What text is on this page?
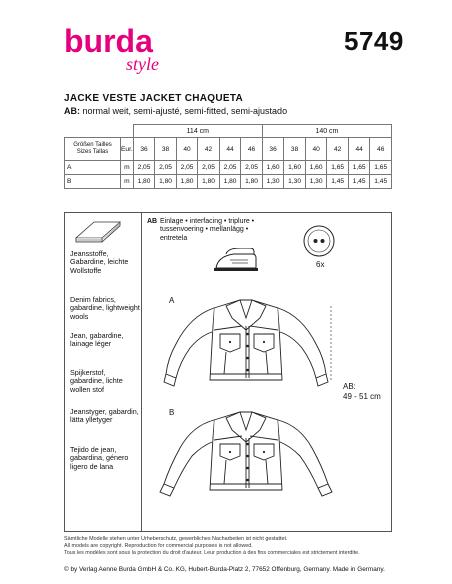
burda
style
5749
JACKE VESTE JACKET CHAQUETA
AB: normal weit, semi-ajusté, semi-fitted, semi-ajustado
		114 cm						140 cm					

Größen Tailles
Sizes Tallas	Eur.	36	38	40	42	44	46	36	38	40	42	44	46
A	m	2,05	2,05	2,05	2,05	2,05	2,05	1,60	1,60	1,60	1,65	1,65	1,65
B	m	1,80	1,80	1,80	1,80	1,80	1,80	1,30	1,30	1,30	1,45	1,45	1,45
Jeansstoffe, Gabardine, leichte Wollstoffe
Denim fabrics, gabardine, lightweight wools
Jean, gabardine, lainage léger
Spijkerstof, gabardine, lichte wollen stof
Jeanstyger, gabardin, lätta ylletyger
Tejido de jean, gabardina, género ligero de lana
AB Einlage • interfacing • triplure •
tussenvoering • mellanlägg •
entretela
6x
A
AB:
49 - 51 cm
B
Sämtliche Modelle stehen unter Urheberschutz, gewerbliches Nacharbeiten ist nicht gestattet.
All models are copyright. Reproduction for commercial purposes is not allowed.
Tous les modèles sont sous la protection du droit d'auteur. Leur production à des fins commerciales est strictement interdite.
© by Verlag Aenne Burda GmbH & Co. KG, Hubert-Burda-Platz 2, 77652 Offenburg, Germany. Made in Germany.
